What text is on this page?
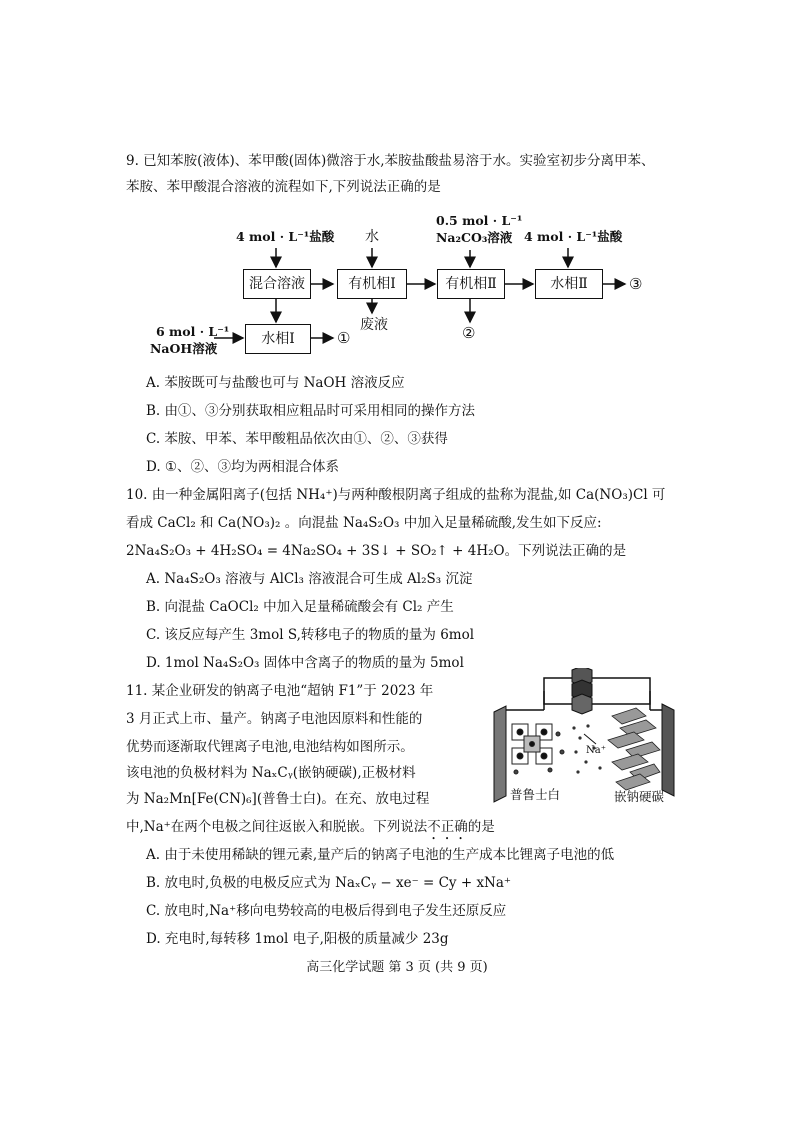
9. 已知苯胺(液体)、苯甲酸(固体)微溶于水,苯胺盐酸盐易溶于水。实验室初步分离甲苯、
苯胺、苯甲酸混合溶液的流程如下,下列说法正确的是
4 mol · L⁻¹盐酸 水
0.5 mol · L⁻¹
Na₂CO₃溶液 4 mol · L⁻¹盐酸
混合溶液	有机相Ⅰ	有机相Ⅱ	水相Ⅱ
水相Ⅰ
6 mol · L⁻¹
NaOH溶液
废液
①	②
③
A. 苯胺既可与盐酸也可与 NaOH 溶液反应
B. 由①、③分别获取相应粗品时可采用相同的操作方法
C. 苯胺、甲苯、苯甲酸粗品依次由①、②、③获得
D. ①、②、③均为两相混合体系
10. 由一种金属阳离子(包括 NH₄⁺)与两种酸根阴离子组成的盐称为混盐,如 Ca(NO₃)Cl 可
看成 CaCl₂ 和 Ca(NO₃)₂ 。向混盐 Na₄S₂O₃ 中加入足量稀硫酸,发生如下反应:
2Na₄S₂O₃ + 4H₂SO₄ = 4Na₂SO₄ + 3S↓ + SO₂↑ + 4H₂O。下列说法正确的是
A. Na₄S₂O₃ 溶液与 AlCl₃ 溶液混合可生成 Al₂S₃ 沉淀
B. 向混盐 CaOCl₂ 中加入足量稀硫酸会有 Cl₂ 产生
C. 该反应每产生 3mol S,转移电子的物质的量为 6mol
D. 1mol Na₄S₂O₃ 固体中含离子的物质的量为 5mol
11. 某企业研发的钠离子电池“超钠 F1”于 2023 年
3 月正式上市、量产。钠离子电池因原料和性能的
优势而逐渐取代锂离子电池,电池结构如图所示。
该电池的负极材料为 NaₓCᵧ(嵌钠硬碳),正极材料
为 Na₂Mn[Fe(CN)₆](普鲁士白)。在充、放电过程
中,Na⁺在两个电极之间往返嵌入和脱嵌。下列说法不正确的是
Na⁺
普鲁士白	嵌钠硬碳
A. 由于未使用稀缺的锂元素,量产后的钠离子电池的生产成本比锂离子电池的低
B. 放电时,负极的电极反应式为 NaₓCᵧ − xe⁻ = Cy + xNa⁺
C. 放电时,Na⁺移向电势较高的电极后得到电子发生还原反应
D. 充电时,每转移 1mol 电子,阳极的质量减少 23g
高三化学试题 第 3 页 (共 9 页)
